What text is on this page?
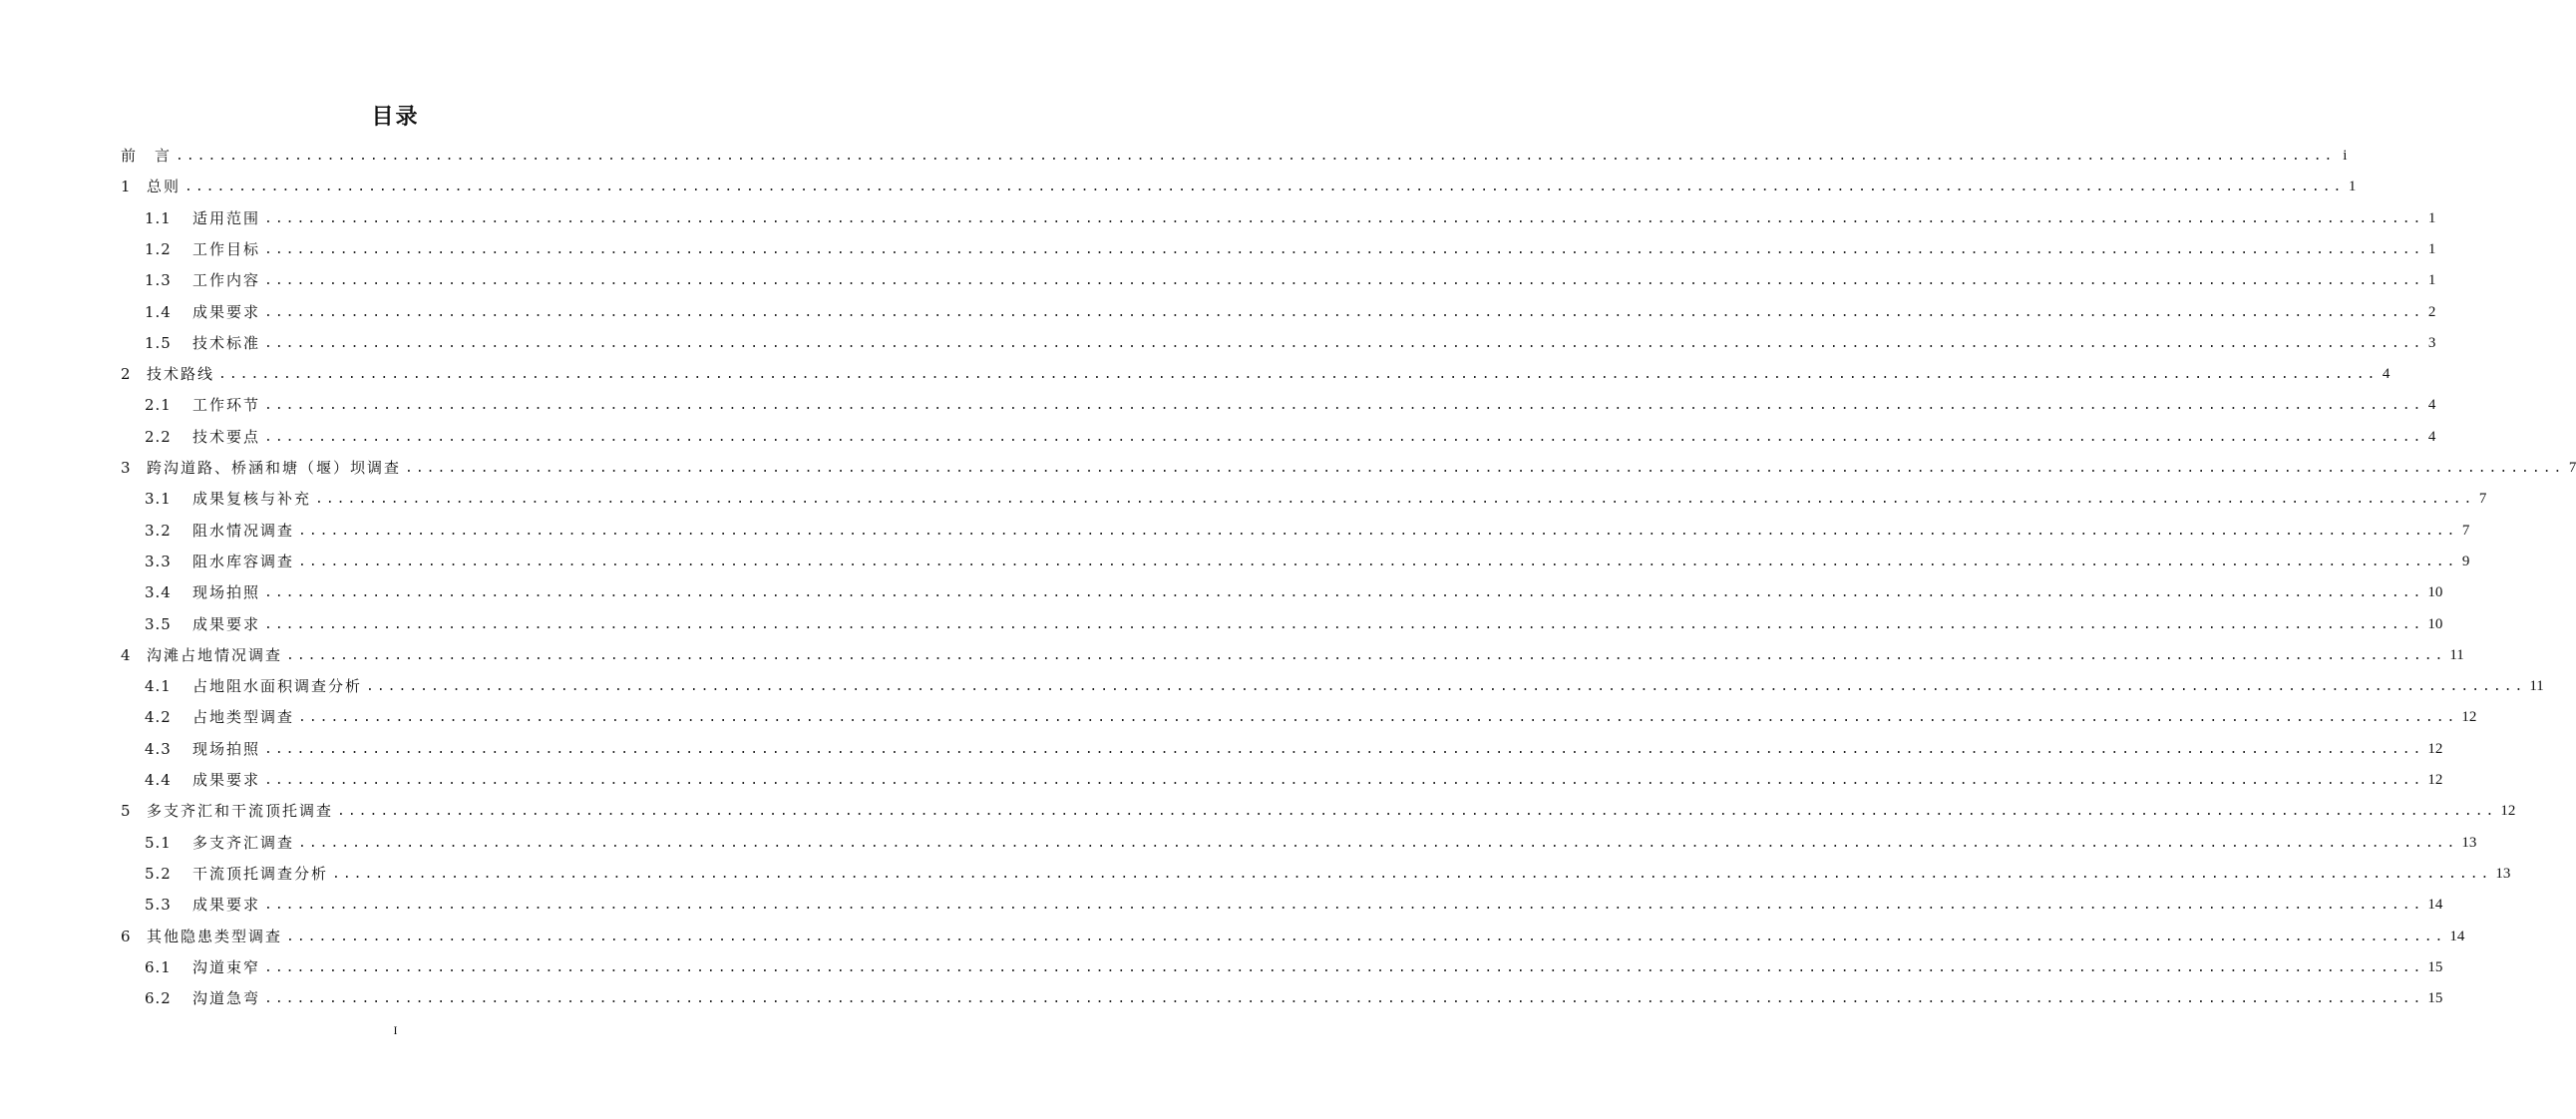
目录
前　言 ........................................................................................................................................................................................................ i
1	总则 ........................................................................................................................................................................................................ 1
1.1	适用范围 ........................................................................................................................................................................................................ 1
1.2	工作目标 ........................................................................................................................................................................................................ 1
1.3	工作内容 ........................................................................................................................................................................................................ 1
1.4	成果要求 ........................................................................................................................................................................................................ 2
1.5	技术标准 ........................................................................................................................................................................................................ 3
2	技术路线 ........................................................................................................................................................................................................ 4
2.1	工作环节 ........................................................................................................................................................................................................ 4
2.2	技术要点 ........................................................................................................................................................................................................ 4
3	跨沟道路、桥涵和塘（堰）坝调查 ........................................................................................................................................................................................................ 7
3.1	成果复核与补充 ........................................................................................................................................................................................................ 7
3.2	阻水情况调查 ........................................................................................................................................................................................................ 7
3.3	阻水库容调查 ........................................................................................................................................................................................................ 9
3.4	现场拍照 ........................................................................................................................................................................................................ 10
3.5	成果要求 ........................................................................................................................................................................................................ 10
4	沟滩占地情况调查 ........................................................................................................................................................................................................ 11
4.1	占地阻水面积调查分析 ........................................................................................................................................................................................................ 11
4.2	占地类型调查 ........................................................................................................................................................................................................ 12
4.3	现场拍照 ........................................................................................................................................................................................................ 12
4.4	成果要求 ........................................................................................................................................................................................................ 12
5	多支齐汇和干流顶托调查 ........................................................................................................................................................................................................ 12
5.1	多支齐汇调查 ........................................................................................................................................................................................................ 13
5.2	干流顶托调查分析 ........................................................................................................................................................................................................ 13
5.3	成果要求 ........................................................................................................................................................................................................ 14
6	其他隐患类型调查 ........................................................................................................................................................................................................ 14
6.1	沟道束窄 ........................................................................................................................................................................................................ 15
6.2	沟道急弯 ........................................................................................................................................................................................................ 15
I
